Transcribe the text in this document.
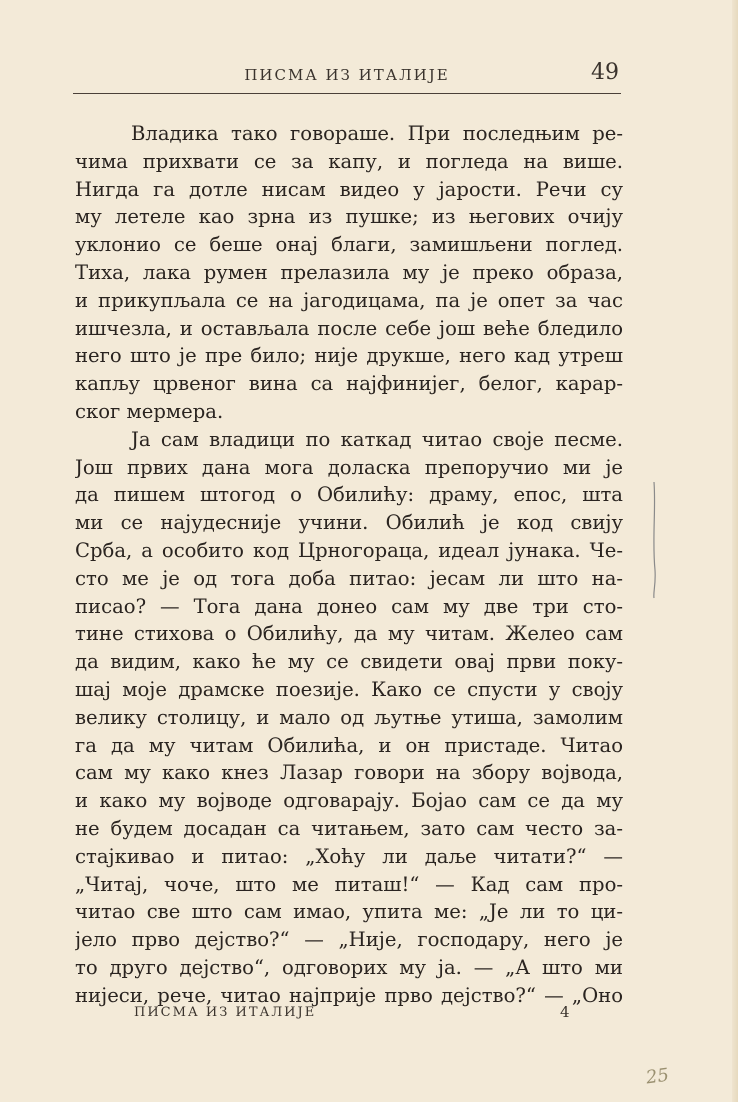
ПИСМА ИЗ ИТАЛИЈЕ	49
Владика тако говораше. При последњим ре-
чима прихвати се за капу, и погледа на више.
Нигда га дотле нисам видео у јарости. Речи су
му летеле као зрна из пушке; из његових очију
уклонио се беше онај благи, замишљени поглед.
Тиха, лака румен прелазила му је преко образа,
и прикупљала се на јагодицама, па је опет за час
ишчезла, и остављала после себе још веће бледило
него што је пре било; није друкше, него кад утреш
капљу црвеног вина са најфинијег, белог, карар-
ског мермера.
Ја сам владици по каткад читао своје песме.
Још првих дана мога доласка препоручио ми је
да пишем штогод о Обилићу: драму, епос, шта
ми се најудесније учини. Обилић је код свију
Срба, а особито код Црногораца, идеал јунака. Че-
сто ме је од тога доба питао: јесам ли што на-
писао? — Тога дана донео сам му две три сто-
тине стихова о Обилићу, да му читам. Желео сам
да видим, како ће му се свидети овај први поку-
шај моје драмске поезије. Како се спусти у своју
велику столицу, и мало од љутње утиша, замолим
га да му читам Обилића, и он пристаде. Читао
сам му како кнез Лазар говори на збору војвода,
и како му војводе одговарају. Бојао сам се да му
не будем досадан са читањем, зато сам често за-
стајкивао и питао: „Хоћу ли даље читати?“ —
„Читај, чоче, што ме питаш!“ — Кад сам про-
читао све што сам имао, упита ме: „Је ли то ци-
јело прво дејство?“ — „Није, господару, него је
то друго дејство“, одговорих му ја. — „А што ми
нијеси, рече, читао најприје прво дејство?“ — „Оно
ПИСМА ИЗ ИТАЛИЈЕ	4
25
